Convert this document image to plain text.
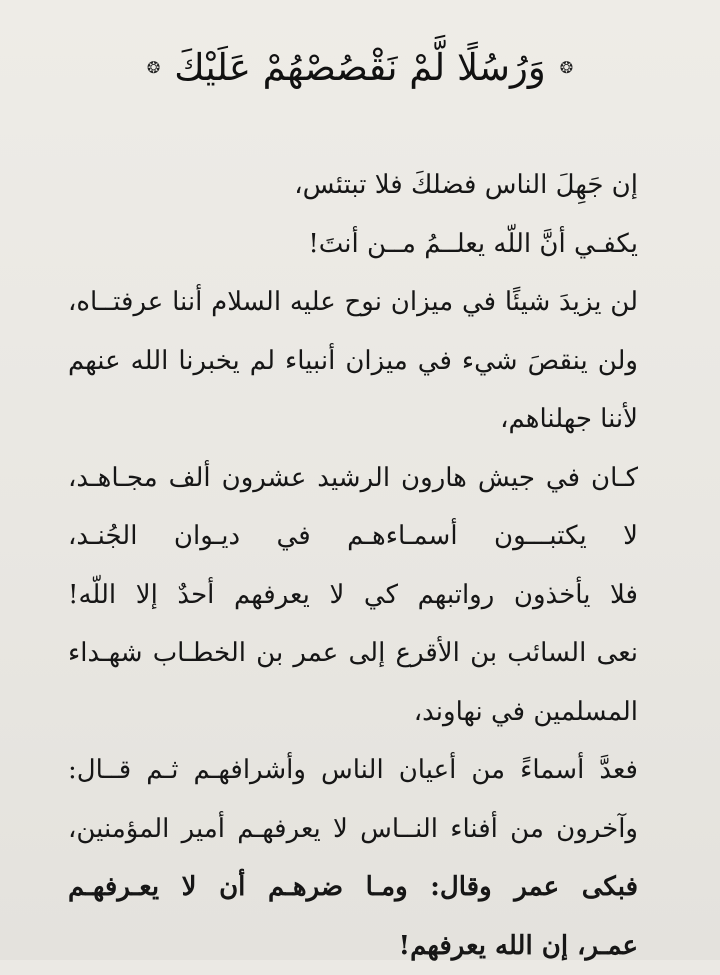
❂
وَرُسُلًا لَّمْ نَقْصُصْهُمْ عَلَيْكَ
❂
إن جَهِلَ الناس فضلكَ فلا تبتئس،
يكفـي أنَّ اللّه يعلــمُ مــن أنتَ!
لن يزيدَ شيئًا في ميزان نوح عليه السلام أننا عرفتــاه،
ولن ينقصَ شيء في ميزان أنبياء لم يخبرنا الله عنهم
لأننا جهلناهم،
كـان في جيش هارون الرشيد عشرون ألف مجـاهـد،
لا يكتبـــون أسمـاءهـم في ديـوان الجُنـد،
فلا يأخذون رواتبهم كي لا يعرفهم أحدٌ إلا اللّه!
نعى السائب بن الأقرع إلى عمر بن الخطـاب شهـداء
المسلمين في نهاوند،
فعدَّ أسماءً من أعيان الناس وأشرافهـم ثـم قــال:
وآخرون من أفناء النــاس لا يعرفهـم أمير المؤمنين،
فبكى عمر وقال: ومـا ضرهـم أن لا يعـرفهـم
عمـر، إن الله يعرفهم!
